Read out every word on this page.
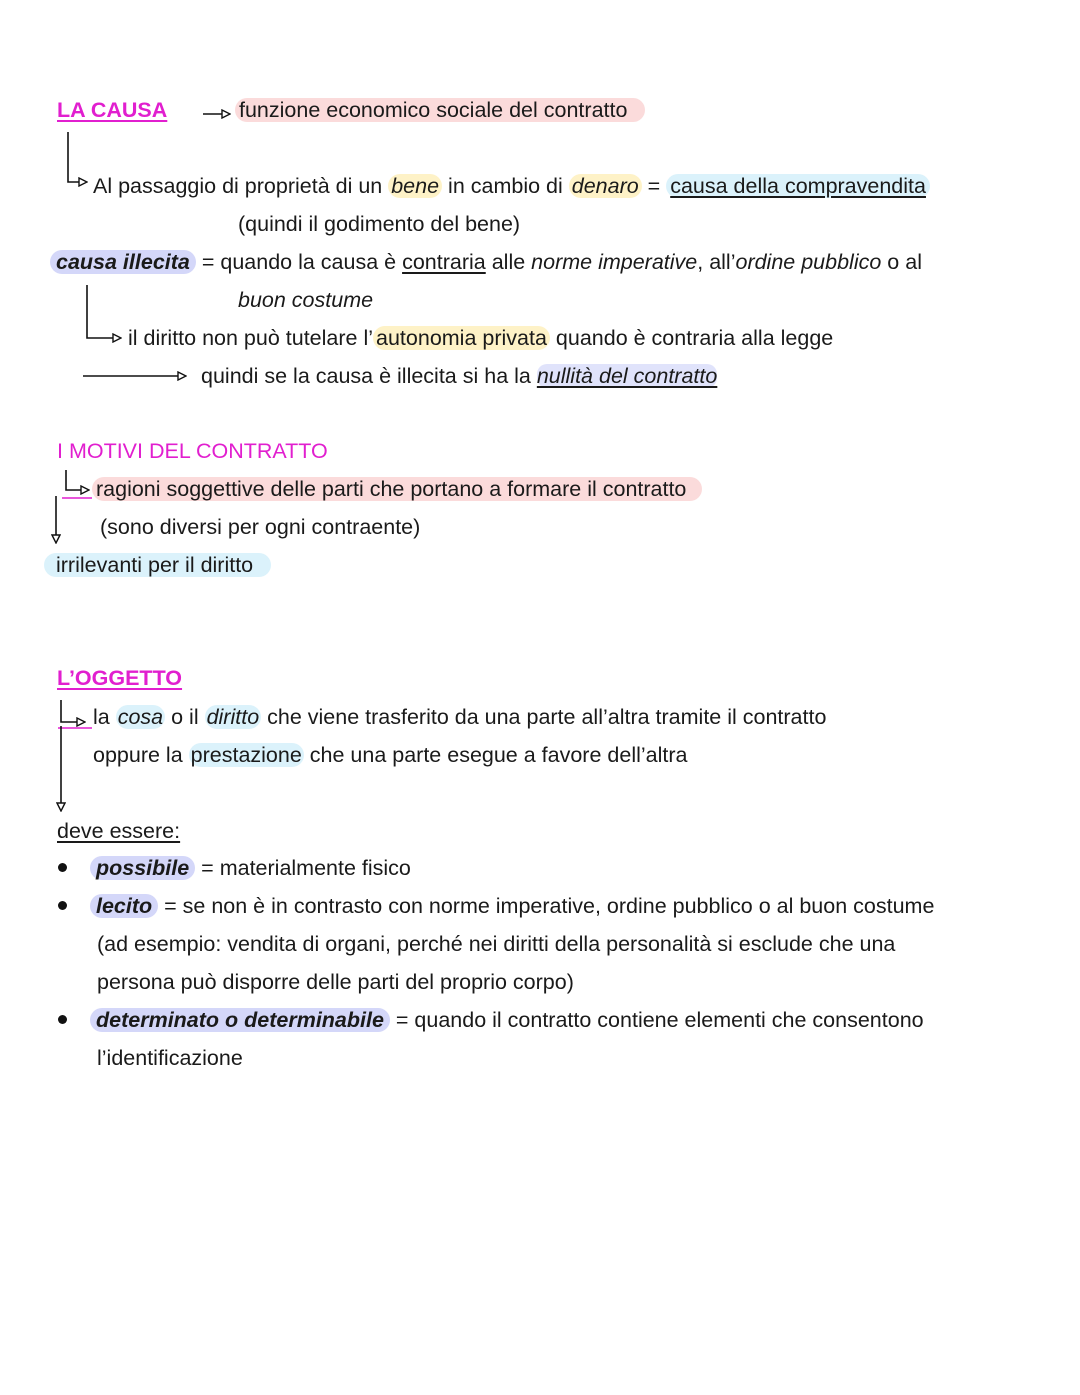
LA CAUSA	funzione economico sociale del contratto
Al passaggio di proprietà di un bene in cambio di denaro = causa della compravendita
(quindi il godimento del bene)
causa illecita = quando la causa è contraria alle norme imperative, all’ordine pubblico o al
buon costume
il diritto non può tutelare l’ autonomia privata quando è contraria alla legge
quindi se la causa è illecita si ha la nullità del contratto
I MOTIVI DEL CONTRATTO
ragioni soggettive delle parti che portano a formare il contratto
(sono diversi per ogni contraente)
irrilevanti per il diritto
L’OGGETTO
la cosa o il diritto che viene trasferito da una parte all’altra tramite il contratto
oppure la prestazione che una parte esegue a favore dell’altra
deve essere:
possibile = materialmente fisico
lecito = se non è in contrasto con norme imperative, ordine pubblico o al buon costume
(ad esempio: vendita di organi, perché nei diritti della personalità si esclude che una
persona può disporre delle parti del proprio corpo)
determinato o determinabile = quando il contratto contiene elementi che consentono
l’identificazione
